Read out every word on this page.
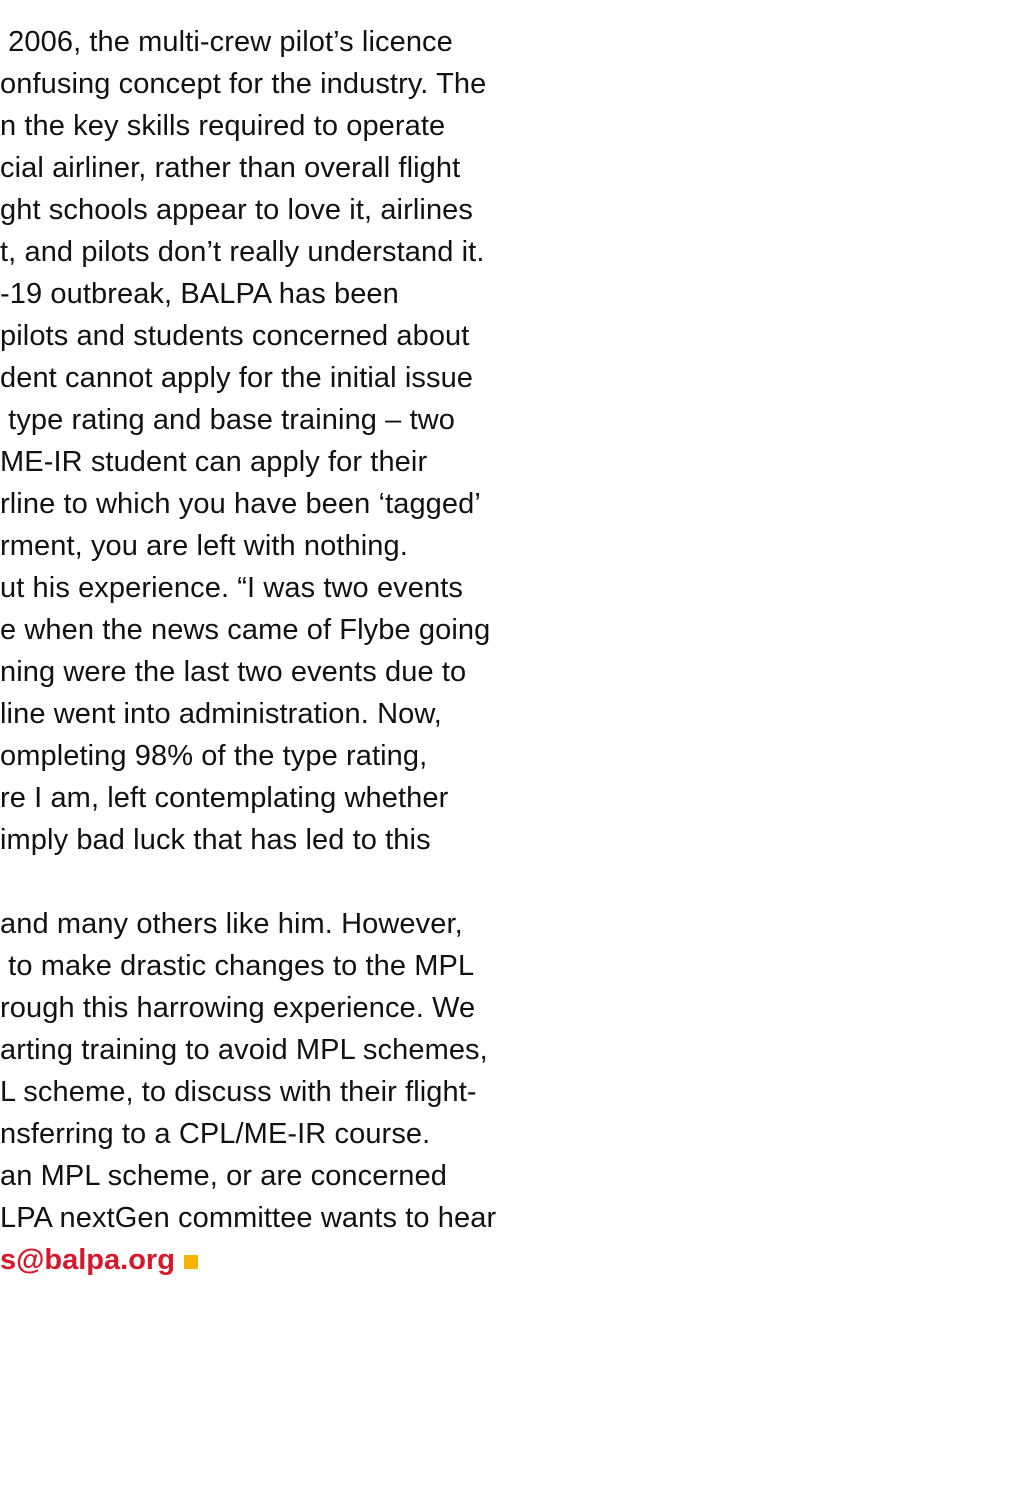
2006, the multi-crew pilot’s licence
onfusing concept for the industry. The
n the key skills required to operate
cial airliner, rather than overall flight
ght schools appear to love it, airlines
t, and pilots don’t really understand it.
-19 outbreak, BALPA has been
pilots and students concerned about
dent cannot apply for the initial issue
type rating and base training – two
ME-IR student can apply for their
rline to which you have been ‘tagged’
rment, you are left with nothing.
ut his experience. “I was two events
e when the news came of Flybe going
ning were the last two events due to
line went into administration. Now,
ompleting 98% of the type rating,
re I am, left contemplating whether
imply bad luck that has led to this
and many others like him. However,
to make drastic changes to the MPL
rough this harrowing experience. We
arting training to avoid MPL schemes,
L scheme, to discuss with their flight-
nsferring to a CPL/ME-IR course.
an MPL scheme, or are concerned
LPA nextGen committee wants to hear
s@balpa.org
